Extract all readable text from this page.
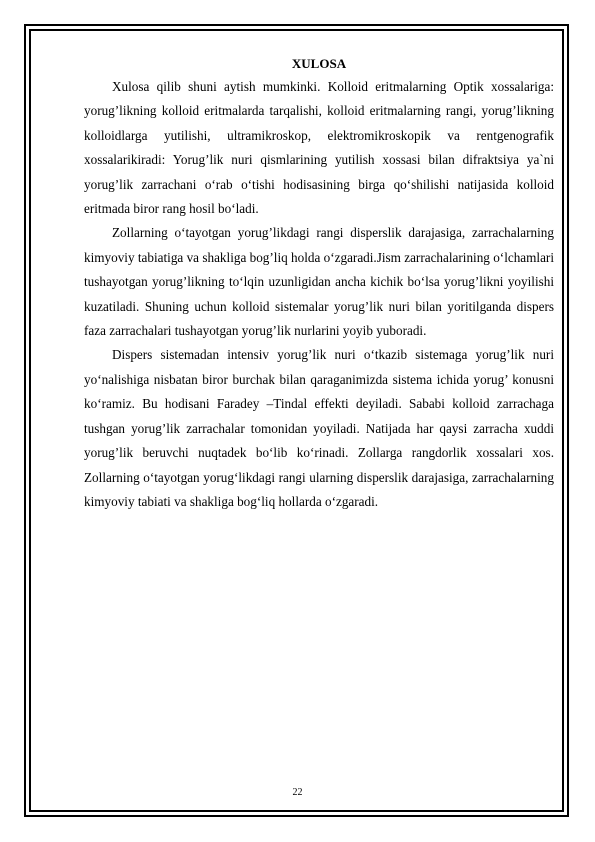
XULOSA

Xulosa qilib shuni aytish mumkinki. Kolloid eritmalarning Optik xossalariga: yorug’likning kolloid eritmalarda tarqalishi, kolloid eritmalarning rangi, yorug’likning kolloidlarga yutilishi, ultramikroskop, elektromikroskopik va rentgenografik xossalarikiradi: Yorug’lik nuri qismlarining yutilish xossasi bilan difraktsiya ya`ni yorug’lik zarrachani o‘rab o‘tishi hodisasining birga qo‘shilishi natijasida kolloid eritmada biror rang hosil bo‘ladi.

Zollarning o‘tayotgan yorug’likdagi rangi disperslik darajasiga, zarrachalarning kimyoviy tabiatiga va shakliga bog’liq holda o‘zgaradi.Jism zarrachalarining o‘lchamlari tushayotgan yorug’likning to‘lqin uzunligidan ancha kichik bo‘lsa yorug’likni yoyilishi kuzatiladi. Shuning uchun kolloid sistemalar yorug’lik nuri bilan yoritilganda dispers faza zarrachalari tushayotgan yorug’lik nurlarini yoyib yuboradi.

Dispers sistemadan intensiv yorug’lik nuri o‘tkazib sistemaga yorug’lik nuri yo‘nalishiga nisbatan biror burchak bilan qaraganimizda sistema ichida yorug’ konusni ko‘ramiz. Bu hodisani Faradey –Tindal effekti deyiladi. Sababi kolloid zarrachaga tushgan yorug’lik zarrachalar tomonidan yoyiladi. Natijada har qaysi zarracha xuddi yorug’lik beruvchi nuqtadek bo‘lib ko‘rinadi. Zollarga rangdorlik xossalari xos. Zollarning o‘tayotgan yorug‘likdagi rangi ularning disperslik darajasiga, zarrachalarning kimyoviy tabiati va shakliga bog‘liq hollarda o‘zgaradi.

22
